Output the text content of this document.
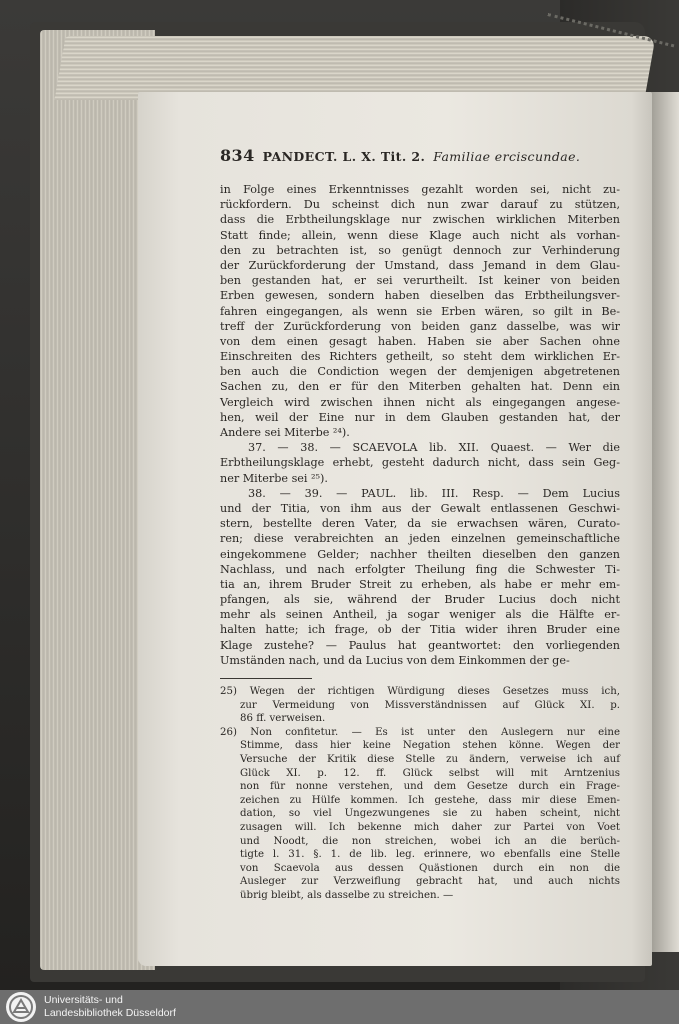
834 PANDECT. L. X. Tit. 2. Familiae erciscundae.
in Folge eines Erkenntnisses gezahlt worden sei, nicht zu-
rückfordern. Du scheinst dich nun zwar darauf zu stützen,
dass die Erbtheilungsklage nur zwischen wirklichen Miterben
Statt finde; allein, wenn diese Klage auch nicht als vorhan-
den zu betrachten ist, so genügt dennoch zur Verhinderung
der Zurückforderung der Umstand, dass Jemand in dem Glau-
ben gestanden hat, er sei verurtheilt. Ist keiner von beiden
Erben gewesen, sondern haben dieselben das Erbtheilungsver-
fahren eingegangen, als wenn sie Erben wären, so gilt in Be-
treff der Zurückforderung von beiden ganz dasselbe, was wir
von dem einen gesagt haben. Haben sie aber Sachen ohne
Einschreiten des Richters getheilt, so steht dem wirklichen Er-
ben auch die Condiction wegen der demjenigen abgetretenen
Sachen zu, den er für den Miterben gehalten hat. Denn ein
Vergleich wird zwischen ihnen nicht als eingegangen angese-
hen, weil der Eine nur in dem Glauben gestanden hat, der
Andere sei Miterbe ²⁴).
37. — 38. — SCAEVOLA lib. XII. Quaest. — Wer die
Erbtheilungsklage erhebt, gesteht dadurch nicht, dass sein Geg-
ner Miterbe sei ²⁵).
38. — 39. — PAUL. lib. III. Resp. — Dem Lucius
und der Titia, von ihm aus der Gewalt entlassenen Geschwi-
stern, bestellte deren Vater, da sie erwachsen wären, Curato-
ren; diese verabreichten an jeden einzelnen gemeinschaftliche
eingekommene Gelder; nachher theilten dieselben den ganzen
Nachlass, und nach erfolgter Theilung fing die Schwester Ti-
tia an, ihrem Bruder Streit zu erheben, als habe er mehr em-
pfangen, als sie, während der Bruder Lucius doch nicht
mehr als seinen Antheil, ja sogar weniger als die Hälfte er-
halten hatte; ich frage, ob der Titia wider ihren Bruder eine
Klage zustehe? — Paulus hat geantwortet: den vorliegenden
Umständen nach, und da Lucius von dem Einkommen der ge-
25) Wegen der richtigen Würdigung dieses Gesetzes muss ich,
zur Vermeidung von Missverständnissen auf Glück XI. p.
86 ff. verweisen.
26) Non confitetur. — Es ist unter den Auslegern nur eine
Stimme, dass hier keine Negation stehen könne. Wegen der
Versuche der Kritik diese Stelle zu ändern, verweise ich auf
Glück XI. p. 12. ff. Glück selbst will mit Arntzenius
non für nonne verstehen, und dem Gesetze durch ein Frage-
zeichen zu Hülfe kommen. Ich gestehe, dass mir diese Emen-
dation, so viel Ungezwungenes sie zu haben scheint, nicht
zusagen will. Ich bekenne mich daher zur Partei von Voet
und Noodt, die non streichen, wobei ich an die berüch-
tigte l. 31. §. 1. de lib. leg. erinnere, wo ebenfalls eine Stelle
von Scaevola aus dessen Quästionen durch ein non die
Ausleger zur Verzweiflung gebracht hat, und auch nichts
übrig bleibt, als dasselbe zu streichen. —
Universitäts- und
Landesbibliothek Düsseldorf
